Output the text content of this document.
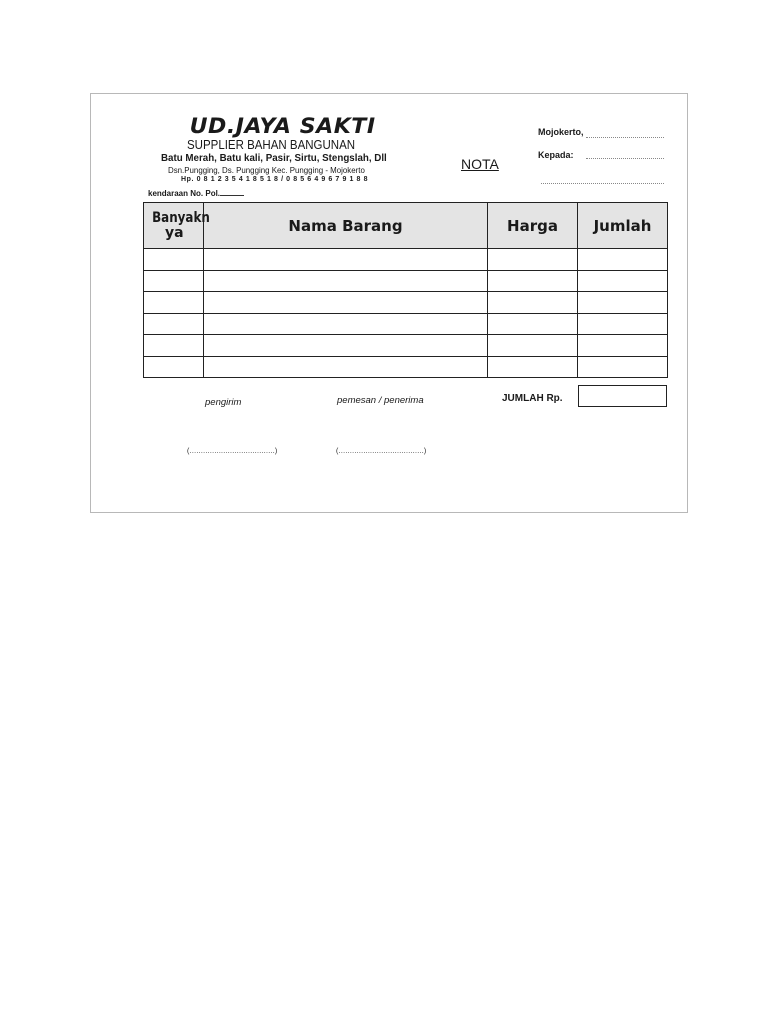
UD.JAYA SAKTI
SUPPLIER BAHAN BANGUNAN
Batu Merah, Batu kali, Pasir, Sirtu, Stengslah, Dll
Dsn.Pungging, Ds. Pungging Kec. Pungging - Mojokerto
Hp. 0 8 1 2 3 5 4 1 8 5 1 8 / 0 8 5 6 4 9 6 7 9 1 8 8
kendaraan No. Pol.
NOTA
Mojokerto,
Kepada:
Banyakn
ya	Nama Barang	Harga	Jumlah

JUMLAH Rp.
pengirim	pemesan / penerima
(......................................)	(......................................)
